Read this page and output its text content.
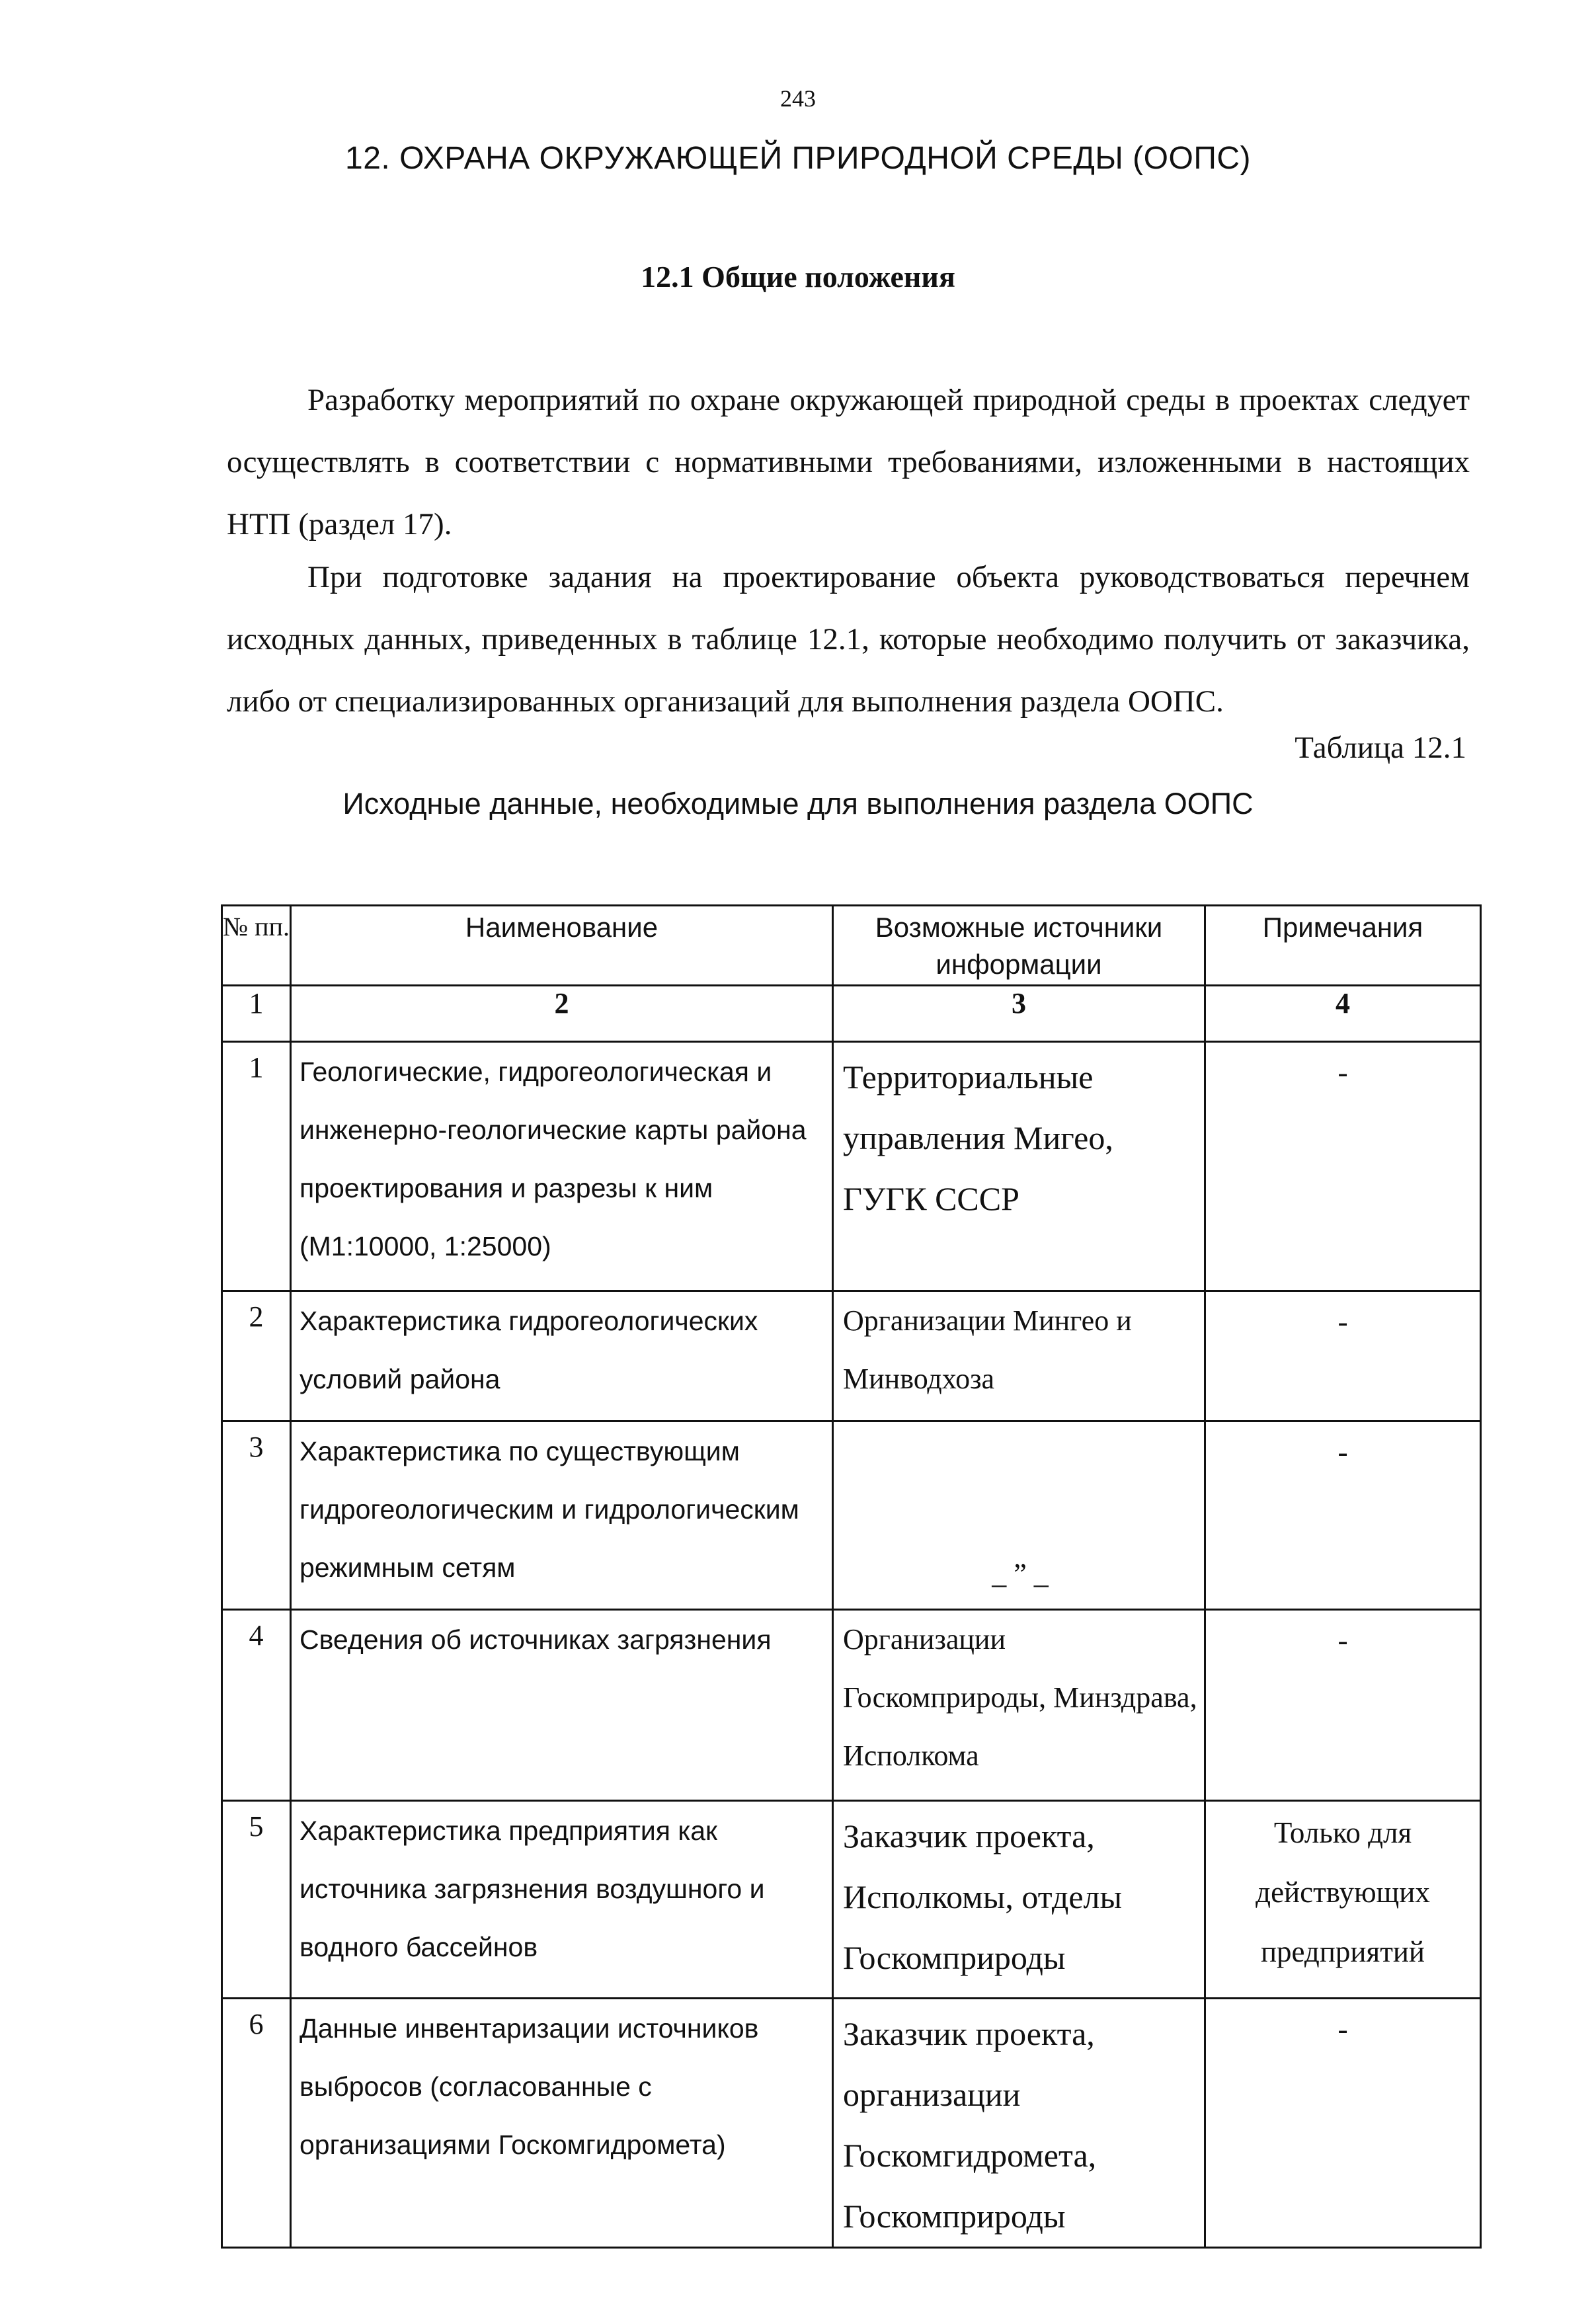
243
12. ОХРАНА ОКРУЖАЮЩЕЙ ПРИРОДНОЙ СРЕДЫ (ООПС)
12.1 Общие положения

Разработку мероприятий по охране окружающей природной среды в проектах следует осуществлять в соответствии с нормативными требованиями, изложенными в настоящих НТП (раздел 17).

При подготовке задания на проектирование объекта руководствоваться перечнем исходных данных, приведенных в таблице 12.1, которые необходимо получить от заказчика, либо от специализированных организаций для выполнения раздела ООПС.

Таблица 12.1
Исходные данные, необходимые для выполнения раздела ООПС
№ пп.	Наименование	Возможные источники информации	Примечания
1	2	3	4
1	Геологические, гидрогеологическая и инженерно-геологические карты района проектирования и разрезы к ним (М1:10000, 1:25000)	Территориальные управления Мигео, ГУГК СССР	-
2	Характеристика гидрогеологических условий района	Организации Мингео и Минводхоза	-
3	Характеристика по существующим гидрогеологическим и гидрологическим режимным сетям	_ ” _	-
4	Сведения об источниках загрязнения	Организации Госкомприроды, Минздрава, Исполкома	-
5	Характеристика предприятия как источника загрязнения воздушного и водного бассейнов	Заказчик проекта, Исполкомы, отделы Госкомприроды	Только для действующих предприятий
6	Данные инвентаризации источников выбросов (согласованные с организациями Госкомгидромета)	Заказчик проекта, организации Госкомгидромета, Госкомприроды	-
